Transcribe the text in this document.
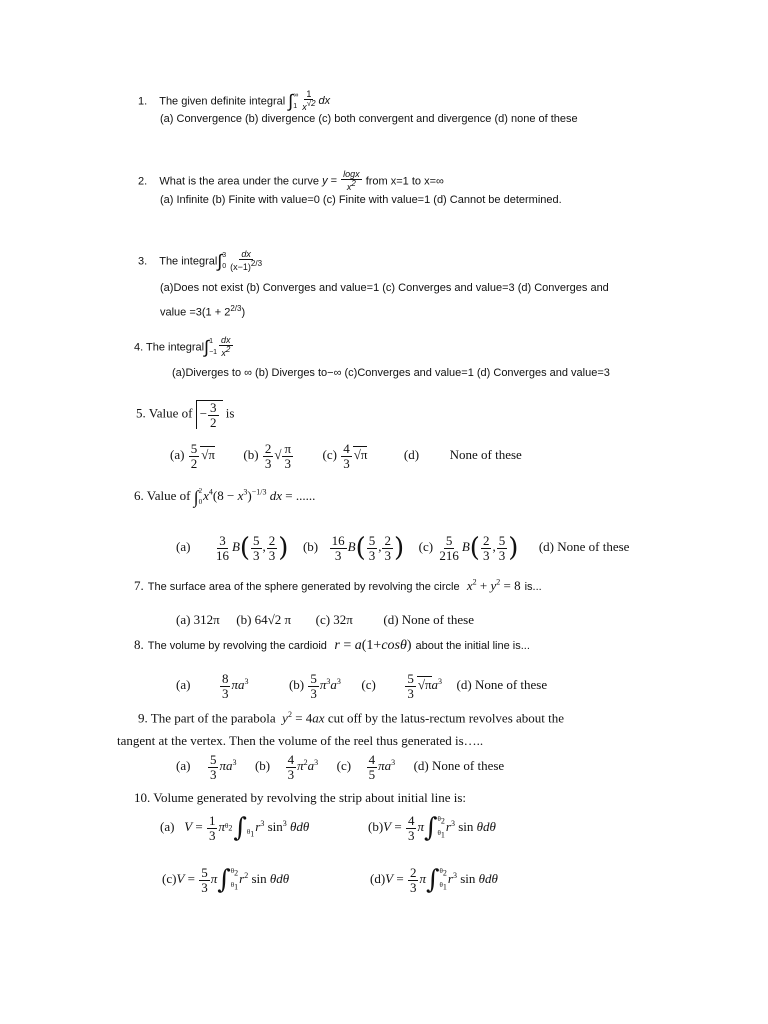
1. The given definite integral ∫ ∞
$1 \frac{1}{x^{√2}}$ dx
(a) Convergence (b) divergence (c) both convergent and divergence (d) none of these
2. What is the area under the curve $y = \frac{\log x}{x^2}$ from x=1 to x=∞
(a) Infinite (b) Finite with value=0 (c) Finite with value=1 (d) Cannot be determined.
3. The integral∫ 3
$0 \frac{dx}{(x-1)^{2/3}}$
(a)Does not exist (b) Converges and value=1 (c) Converges and value=3 (d) Converges and
value $=3(1 + 2^{2/3})$
4. The integral∫ 1
$-1 \frac{dx}{x^2}$
(a)Diverges to ∞ (b) Diverges to−∞ (c)Converges and value=1 (d) Converges and value=3
5. Value of − $\frac{3}{2}$ is
$(a) \frac{5}{2} √\pi$ $(b) \frac{2}{3}$ √ $\frac{\pi}{3} (c) \frac{4}{3} √\pi$	(d) None of these
6. Value of ∫ 2
0 $x^4(8 - x^3)^{-1/3}$ dx = ......
$(a) \frac{3}{16} B( \frac{5}{3}$ , $\frac{2}{3}$ ) $(b) \frac{16}{3} B( \frac{5}{3}$ , $\frac{2}{3}$ ) $(c) \frac{5}{216} B( \frac{2}{3}$ , $\frac{5}{3}$ ) (d) None of these
7. The surface area of the sphere generated by revolving the circle $x^2 + y^2 = 8$ is...
(a) 312π (b) 64√2 π (c) 32π (d) None of these
8. The volume by revolving the cardioid r = a(1+cosθ) about the initial line is...
$(a) \frac{8}{3} \pi a^3$	$(b) \frac{5}{3} \pi^3a^3$ $(c) \frac{5}{3} √\pi a^3$ (d) None of these
9. The part of the parabola $y^2 = 4ax$ cut off by the latus-rectum revolves about the
tangent at the vertex. Then the volume of the reel thus generated is…..
$(a) \frac{5}{3} \pi a^3$ $(b) \frac{4}{3} \pi^2a^3$ $(c) \frac{4}{5} \pi a^3$ (d) None of these
10. Volume generated by revolving the strip about initial line is:
(a) $V = \frac{1}{3}$ π $\theta_2$ ∫
$\theta_1$ $r^3$ $\sin^3 \theta d\theta$	$(b)V = \frac{4}{3} \pi\int$ $\theta_2$
$\theta_1$
$r^3$ sin θdθ
$(c)V = \frac{5}{3} \pi\int$ $\theta_2$
$\theta_1$
$r^2$ sin θdθ	$(d)V = \frac{2}{3} \pi\int$ $\theta_2$
$\theta_1$
$r^3$ sin θdθ
